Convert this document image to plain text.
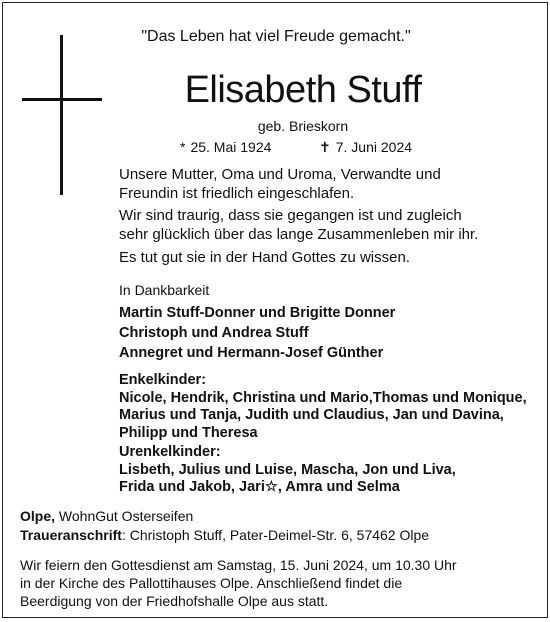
"Das Leben hat viel Freude gemacht."
Elisabeth Stuff
geb. Brieskorn
* 25. Mai 1924	✝ 7. Juni 2024
Unsere Mutter, Oma und Uroma, Verwandte und
Freundin ist friedlich eingeschlafen.
Wir sind traurig, dass sie gegangen ist und zugleich
sehr glücklich über das lange Zusammenleben mir ihr.
Es tut gut sie in der Hand Gottes zu wissen.
In Dankbarkeit
Martin Stuff-Donner und Brigitte Donner
Christoph und Andrea Stuff
Annegret und Hermann-Josef Günther
Enkelkinder:
Nicole, Hendrik, Christina und Mario,Thomas und Monique,
Marius und Tanja, Judith und Claudius, Jan und Davina,
Philipp und Theresa
Urenkelkinder:
Lisbeth, Julius und Luise, Mascha, Jon und Liva,
Frida und Jakob, Jari☆, Amra und Selma
Olpe, WohnGut Osterseifen
Traueranschrift: Christoph Stuff, Pater-Deimel-Str. 6, 57462 Olpe
Wir feiern den Gottesdienst am Samstag, 15. Juni 2024, um 10.30 Uhr
in der Kirche des Pallottihauses Olpe. Anschließend findet die
Beerdigung von der Friedhofshalle Olpe aus statt.
